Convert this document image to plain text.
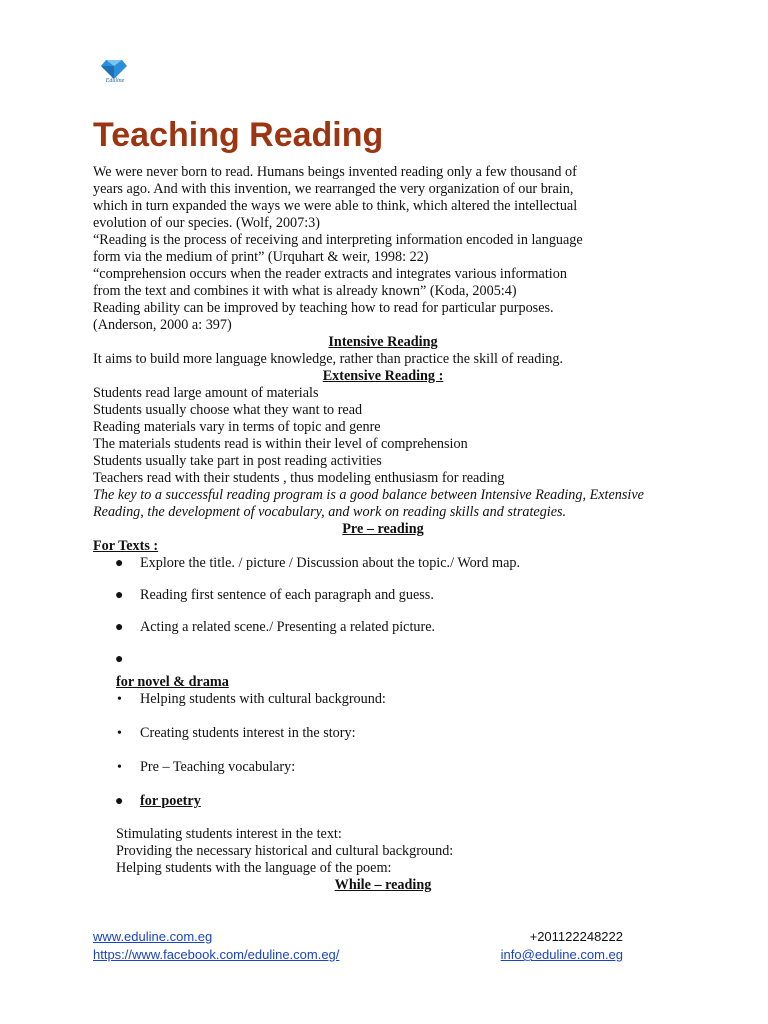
Eduline
Teaching Reading

We were never born to read. Humans beings invented reading only a few thousand of

years ago. And with this invention, we rearranged the very organization of our brain,

which in turn expanded the ways we were able to think, which altered the intellectual

evolution of our species. (Wolf, 2007:3)

“Reading is the process of receiving and interpreting information encoded in language

form via the medium of print” (Urquhart & weir, 1998: 22)

“comprehension occurs when the reader extracts and integrates various information

from the text and combines it with what is already known” (Koda, 2005:4)

Reading ability can be improved by teaching how to read for particular purposes.

(Anderson, 2000 a: 397)

Intensive Reading

It aims to build more language knowledge, rather than practice the skill of reading.

Extensive Reading :

Students read large amount of materials

Students usually choose what they want to read

Reading materials vary in terms of topic and genre

The materials students read is within their level of comprehension

Students usually take part in post reading activities

Teachers read with their students , thus modeling enthusiasm for reading

The key to a successful reading program is a good balance between Intensive Reading, Extensive Reading, the development of vocabulary, and work on reading skills and strategies.

Pre – reading

For Texts :

● Explore the title. / picture / Discussion about the topic./ Word map.
● Reading first sentence of each paragraph and guess.
● Acting a related scene./ Presenting a related picture.
●

for novel & drama

• Helping students with cultural background:
• Creating students interest in the story:
• Pre – Teaching vocabulary:
● for poetry

Stimulating students interest in the text:

Providing the necessary historical and cultural background:

Helping students with the language of the poem:

While – reading

www.eduline.com.eg	+201122248222
https://www.facebook.com/eduline.com.eg/	info@eduline.com.eg
